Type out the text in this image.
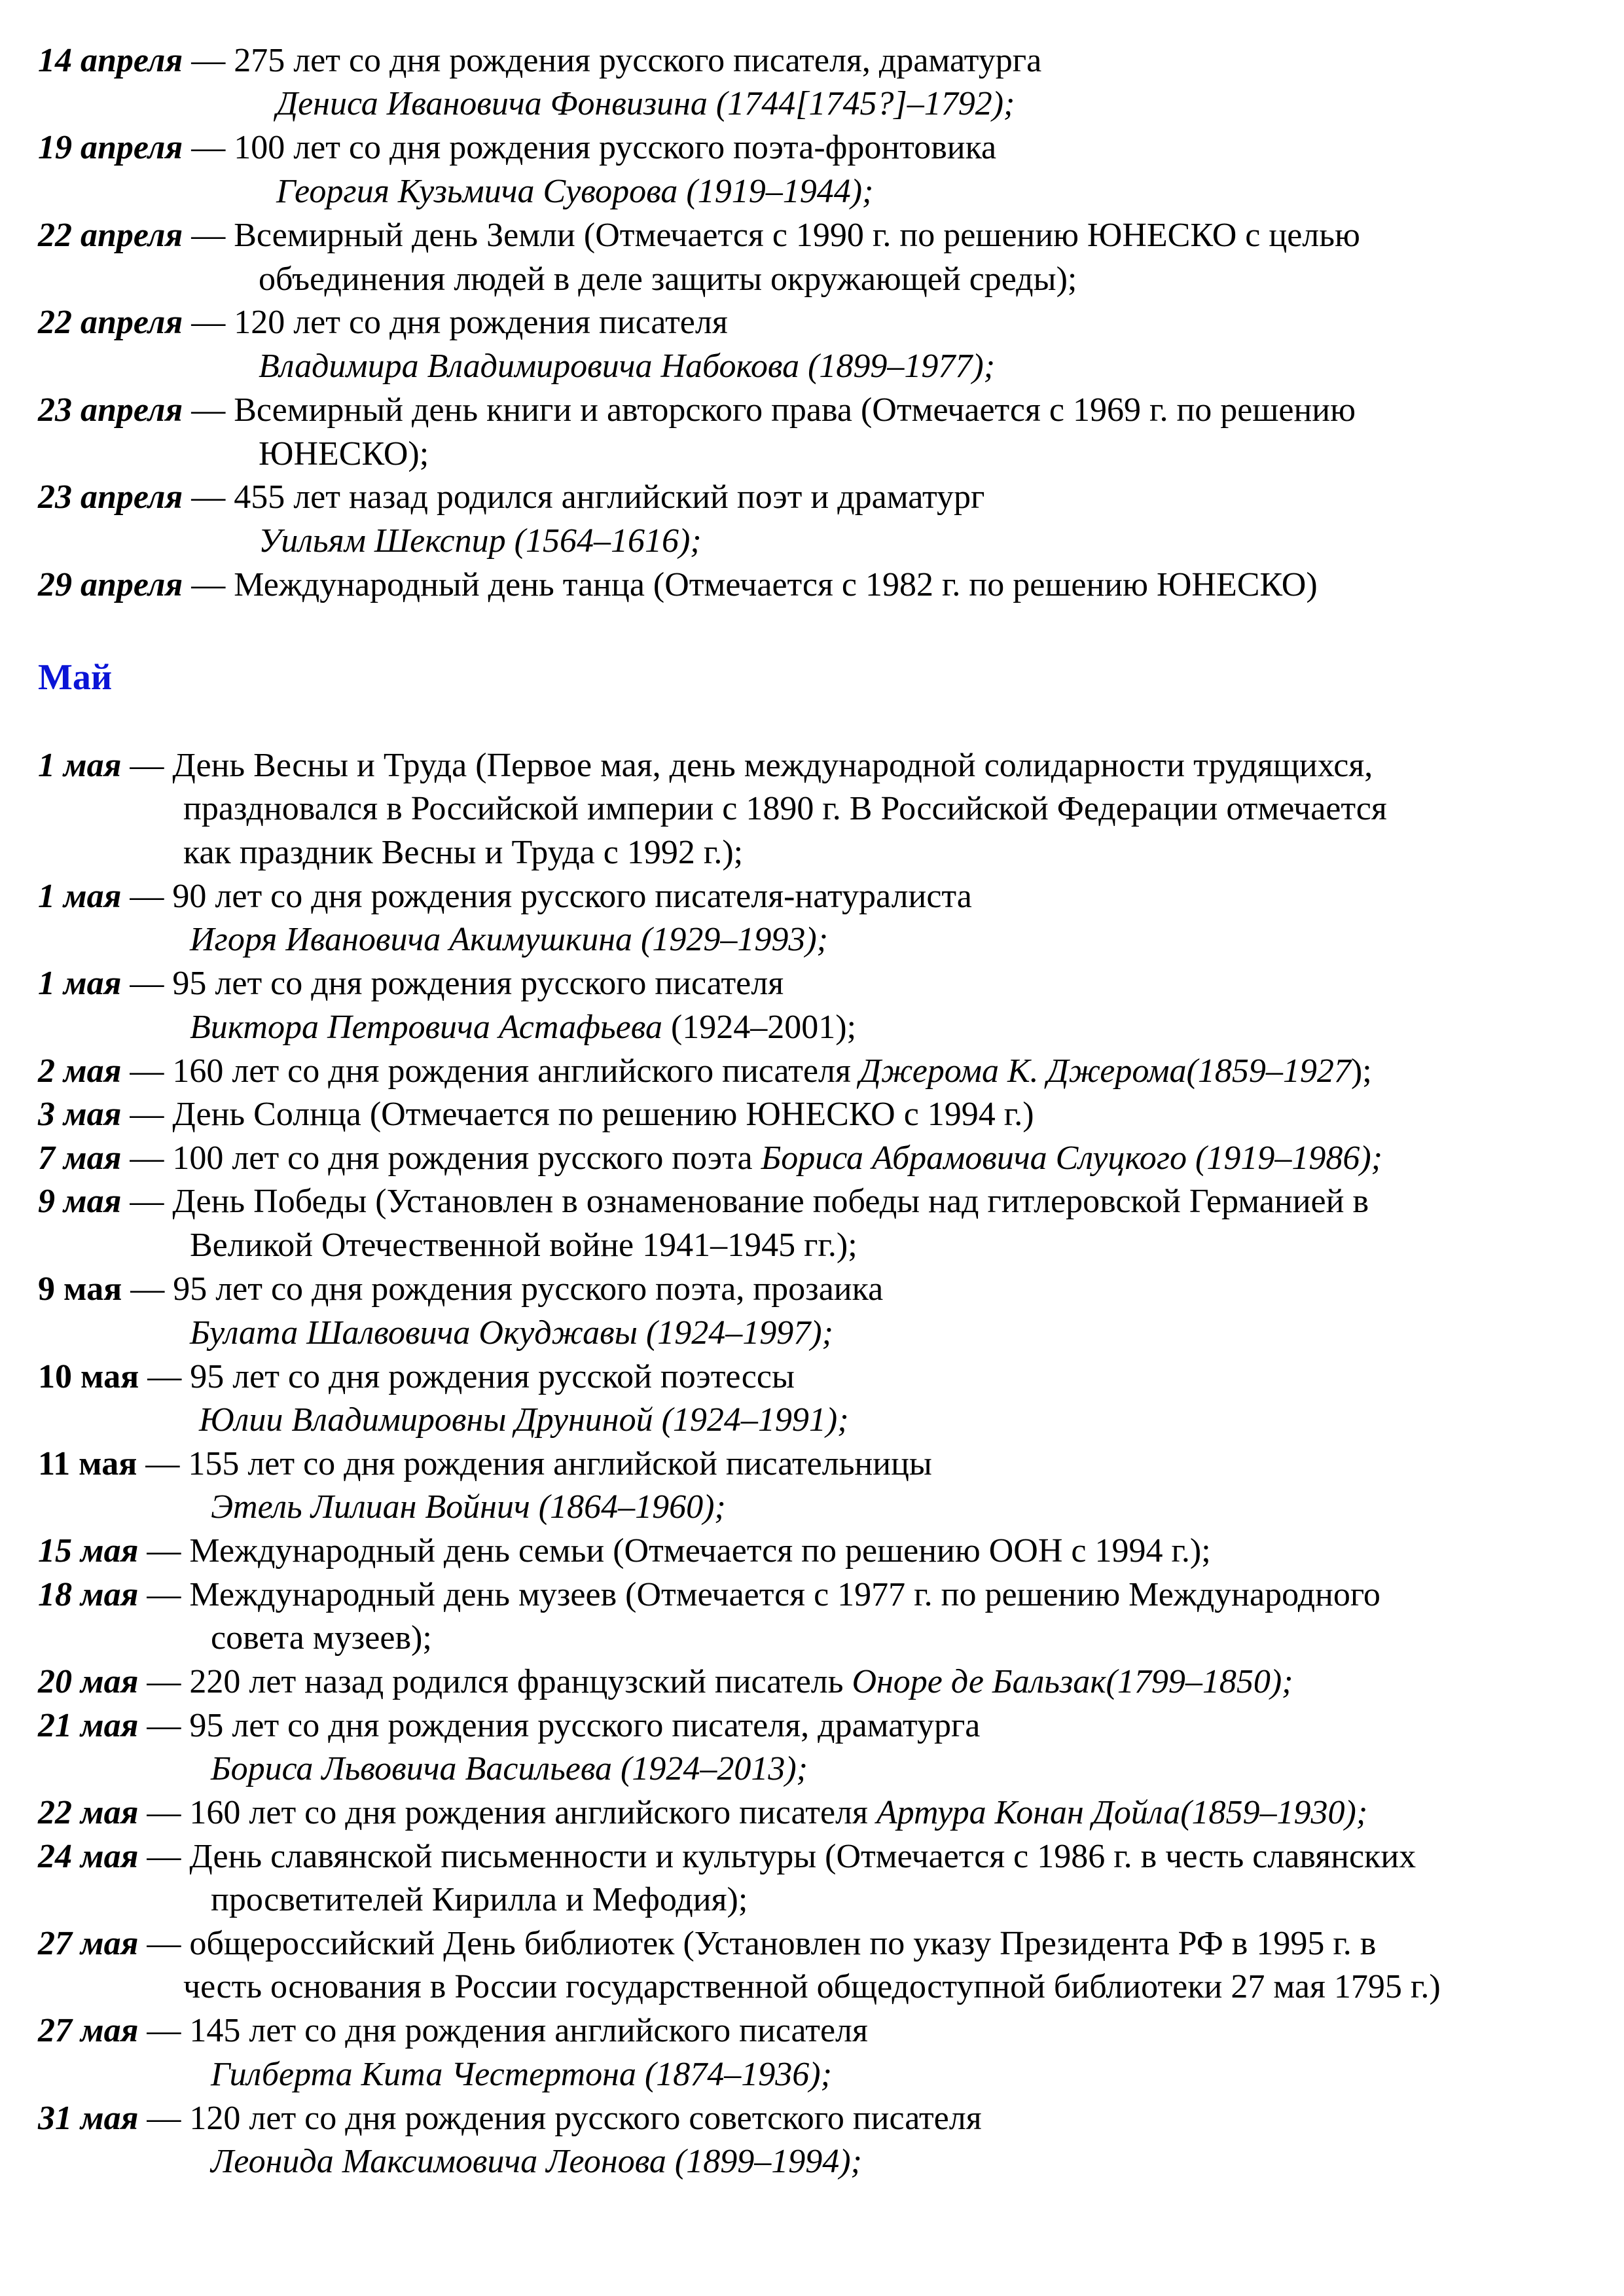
14 апреля — 275 лет со дня рождения русского писателя, драматурга
Дениса Ивановича Фонвизина (1744[1745?]–1792);
19 апреля — 100 лет со дня рождения русского поэта-фронтовика
Георгия Кузьмича Суворова (1919–1944);
22 апреля — Всемирный день Земли (Отмечается с 1990 г. по решению ЮНЕСКО с целью
объединения людей в деле защиты окружающей среды);
22 апреля — 120 лет со дня рождения писателя
Владимира Владимировича Набокова (1899–1977);
23 апреля — Всемирный день книги и авторского права (Отмечается с 1969 г. по решению
ЮНЕСКО);
23 апреля — 455 лет назад родился английский поэт и драматург
Уильям Шекспир (1564–1616);
29 апреля — Международный день танца (Отмечается с 1982 г. по решению ЮНЕСКО)
Май
1 мая — День Весны и Труда (Первое мая, день международной солидарности трудящихся,
праздновался в Российской империи с 1890 г. В Российской Федерации отмечается
как праздник Весны и Труда с 1992 г.);
1 мая — 90 лет со дня рождения русского писателя-натуралиста
Игоря Ивановича Акимушкина (1929–1993);
1 мая — 95 лет со дня рождения русского писателя
Виктора Петровича Астафьева (1924–2001);
2 мая — 160 лет со дня рождения английского писателя Джерома К. Джерома(1859–1927);
3 мая — День Солнца (Отмечается по решению ЮНЕСКО с 1994 г.)
7 мая — 100 лет со дня рождения русского поэта Бориса Абрамовича Слуцкого (1919–1986);
9 мая — День Победы (Установлен в ознаменование победы над гитлеровской Германией в
Великой Отечественной войне 1941–1945 гг.);
9 мая — 95 лет со дня рождения русского поэта, прозаика
Булата Шалвовича Окуджавы (1924–1997);
10 мая — 95 лет со дня рождения русской поэтессы
Юлии Владимировны Друниной (1924–1991);
11 мая — 155 лет со дня рождения английской писательницы
Этель Лилиан Войнич (1864–1960);
15 мая — Международный день семьи (Отмечается по решению ООН с 1994 г.);
18 мая — Международный день музеев (Отмечается с 1977 г. по решению Международного
совета музеев);
20 мая — 220 лет назад родился французский писатель Оноре де Бальзак(1799–1850);
21 мая — 95 лет со дня рождения русского писателя, драматурга
Бориса Львовича Васильева (1924–2013);
22 мая — 160 лет со дня рождения английского писателя Артура Конан Дойла(1859–1930);
24 мая — День славянской письменности и культуры (Отмечается с 1986 г. в честь славянских
просветителей Кирилла и Мефодия);
27 мая — общероссийский День библиотек (Установлен по указу Президента РФ в 1995 г. в
честь основания в России государственной общедоступной библиотеки 27 мая 1795 г.)
27 мая — 145 лет со дня рождения английского писателя
Гилберта Кита Честертона (1874–1936);
31 мая — 120 лет со дня рождения русского советского писателя
Леонида Максимовича Леонова (1899–1994);
